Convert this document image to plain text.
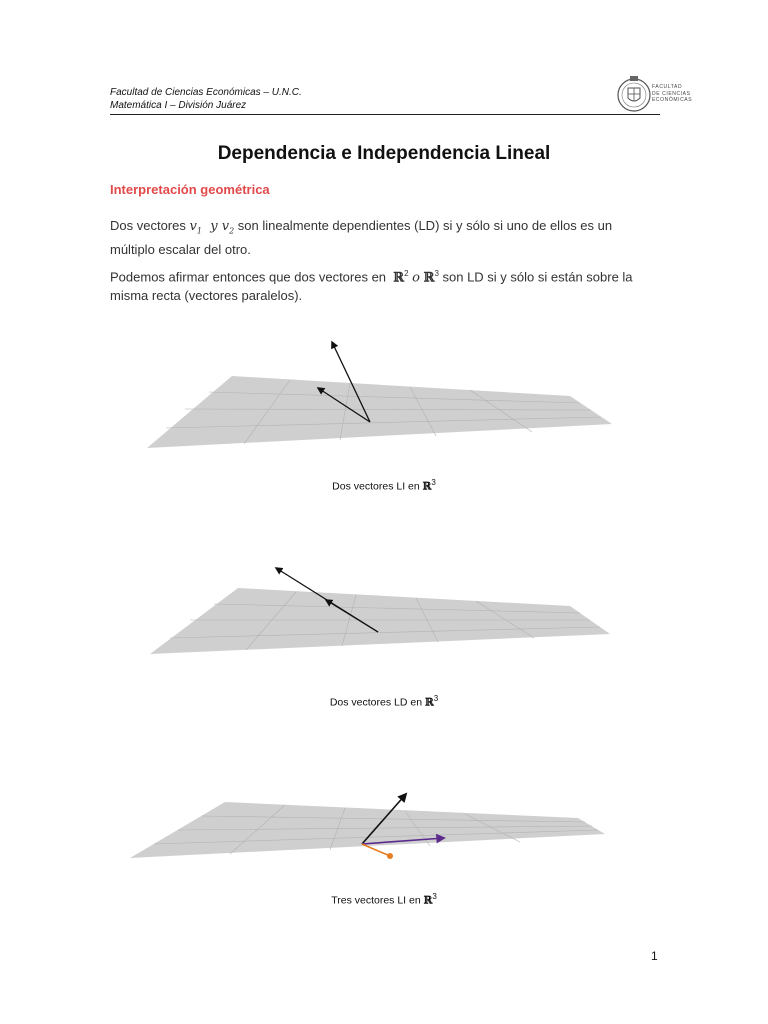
Facultad de Ciencias Económicas – U.N.C.
Matemática I – División Juárez
FACULTAD
DE CIENCIAS
ECONÓMICAS
Dependencia e Independencia Lineal
Interpretación geométrica
Dos vectores $v_1$ y $v_2$ son linealmente dependientes (LD) si y sólo si uno de ellos es un múltiplo escalar del otro.
Podemos afirmar entonces que dos vectores en  ℝ$^2$ o ℝ$^3$ son LD si y sólo si están sobre la misma recta (vectores paralelos).
Dos vectores LI en ℝ$^3$
Dos vectores LD en ℝ$^3$
Tres vectores LI en ℝ$^3$
1
